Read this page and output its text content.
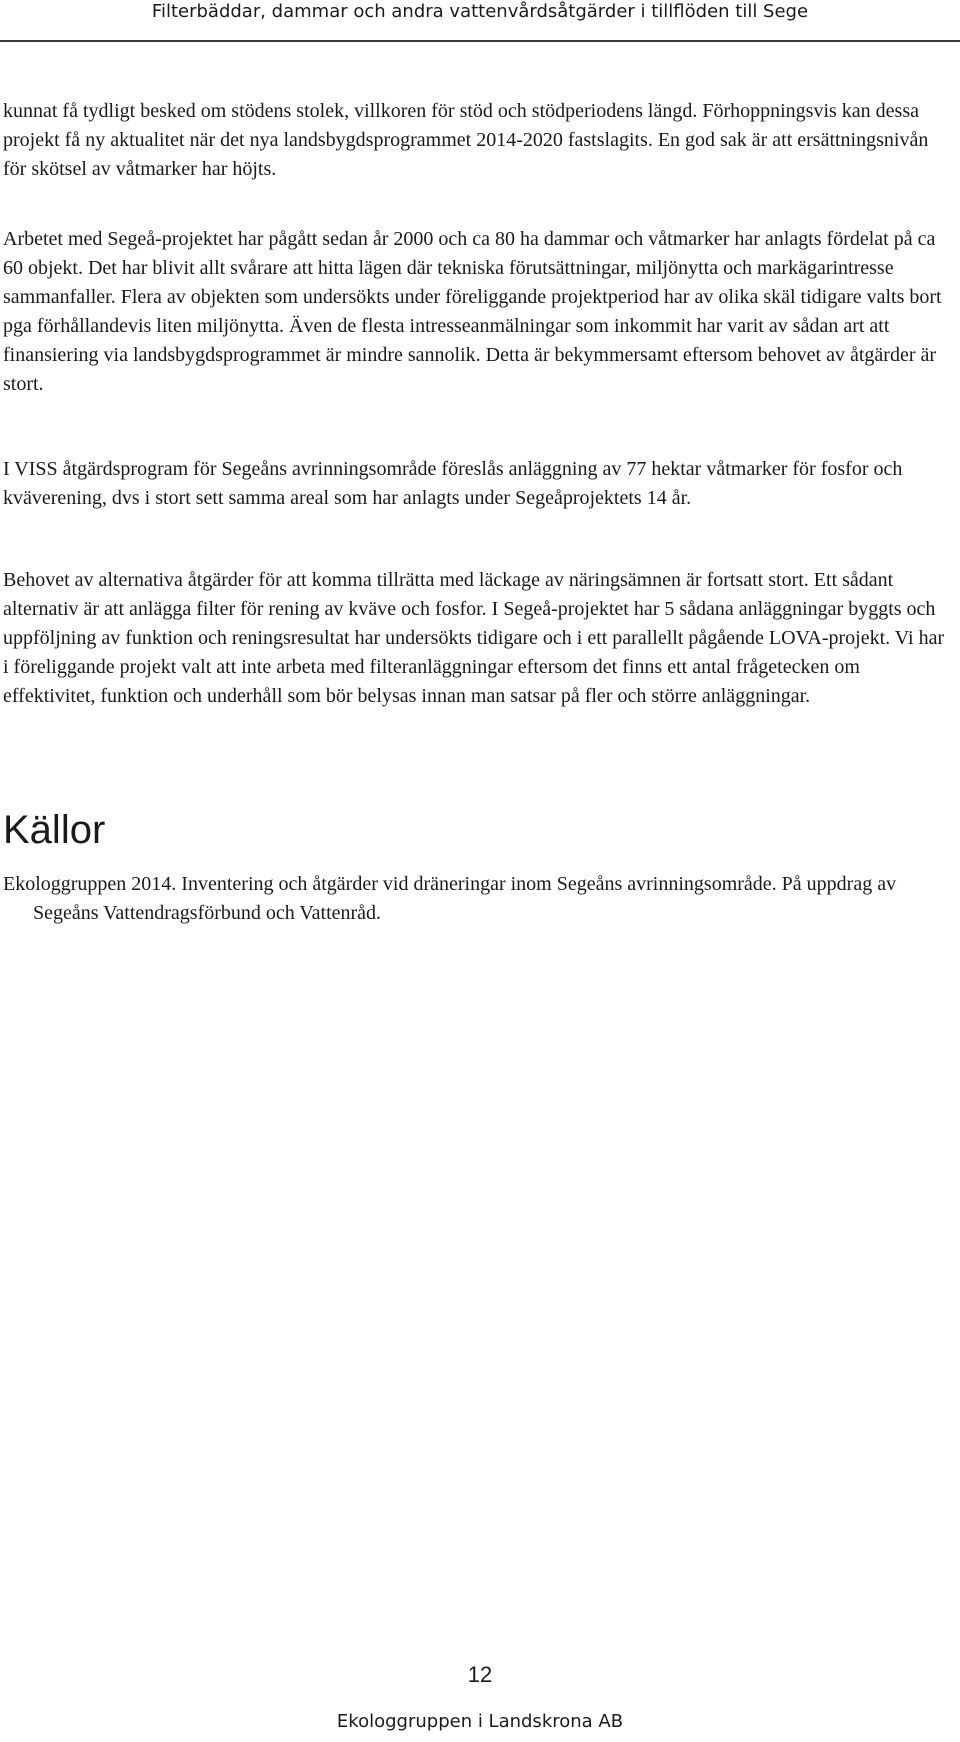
Filterbäddar, dammar och andra vattenvårdsåtgärder i tillflöden till Sege

kunnat få tydligt besked om stödens stolek, villkoren för stöd och stödperiodens längd. Förhoppningsvis kan dessa projekt få ny aktualitet när det nya landsbygdsprogrammet 2014-2020 fastslagits. En god sak är att ersättningsnivån för skötsel av våtmarker har höjts.

Arbetet med Segeå-projektet har pågått sedan år 2000 och ca 80 ha dammar och våtmarker har anlagts fördelat på ca 60 objekt. Det har blivit allt svårare att hitta lägen där tekniska förutsättningar, miljönytta och markägarintresse sammanfaller. Flera av objekten som undersökts under föreliggande projektperiod har av olika skäl tidigare valts bort pga förhållandevis liten miljönytta. Även de flesta intresseanmälningar som inkommit har varit av sådan art att finansiering via landsbygdsprogrammet är mindre sannolik. Detta är bekymmersamt eftersom behovet av åtgärder är stort.

I VISS åtgärdsprogram för Segeåns avrinningsområde föreslås anläggning av 77 hektar våtmarker för fosfor och kväverening, dvs i stort sett samma areal som har anlagts under Segeåprojektets 14 år.

Behovet av alternativa åtgärder för att komma tillrätta med läckage av näringsämnen är fortsatt stort. Ett sådant alternativ är att anlägga filter för rening av kväve och fosfor. I Segeå-projektet har 5 sådana anläggningar byggts och uppföljning av funktion och reningsresultat har undersökts tidigare och i ett parallellt pågående LOVA-projekt. Vi har i föreliggande projekt valt att inte arbeta med filteranläggningar eftersom det finns ett antal frågetecken om effektivitet, funktion och underhåll som bör belysas innan man satsar på fler och större anläggningar.

Källor
Ekologgruppen 2014. Inventering och åtgärder vid dräneringar inom Segeåns avrinningsområde. På uppdrag av Segeåns Vattendragsförbund och Vattenråd.
12
Ekologgruppen i Landskrona AB
